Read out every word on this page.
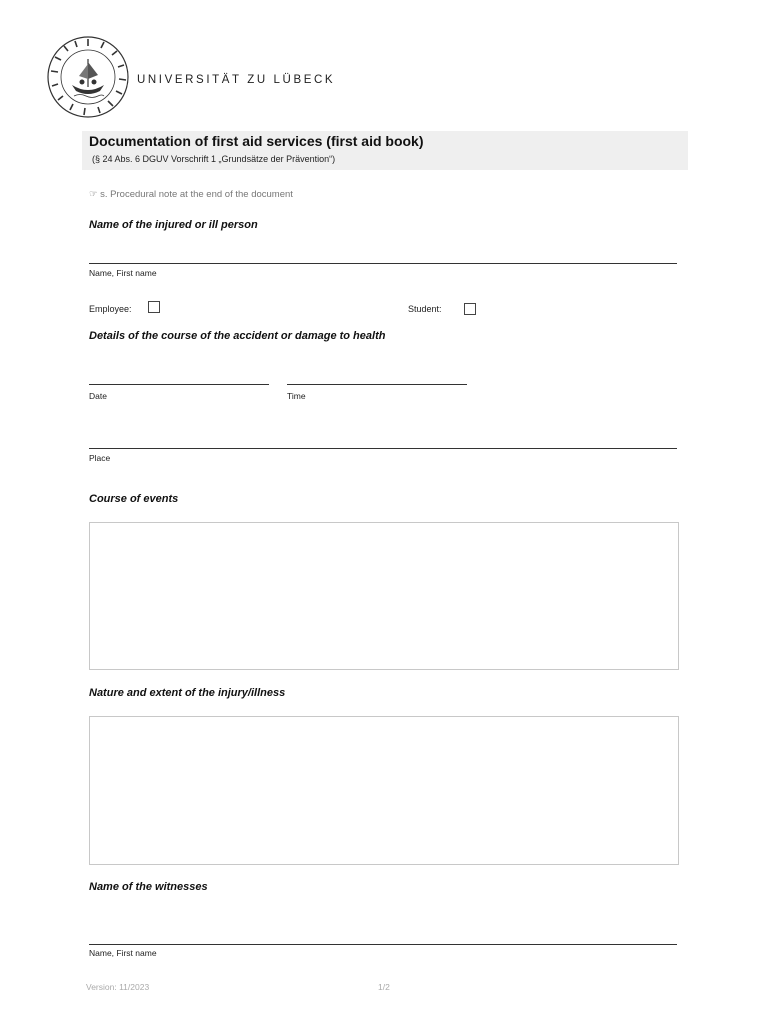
UNIVERSITÄT ZU LÜBECK
Documentation of first aid services (first aid book)
(§ 24 Abs. 6 DGUV Vorschrift 1 „Grundsätze der Prävention“)
☞ s. Procedural note at the end of the document
Name of the injured or ill person
Name, First name
Employee:	Student:
Details of the course of the accident or damage to health
Date	Time
Place
Course of events
Nature and extent of the injury/illness
Name of the witnesses
Name, First name
Version: 11/2023	1/2
